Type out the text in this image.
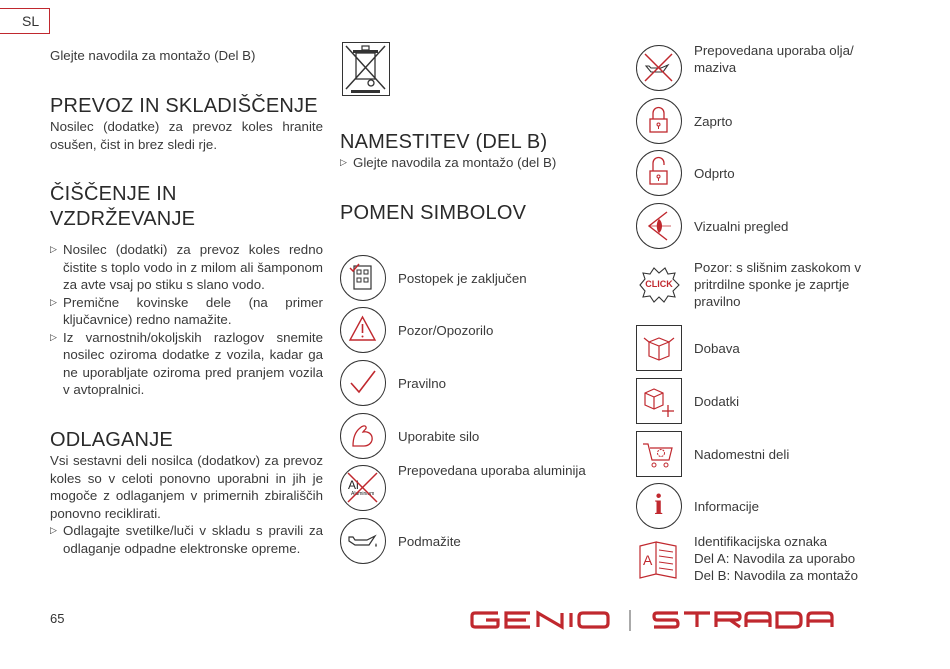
SL

Glejte navodila za montažo (Del B)

PREVOZ IN SKLADIŠČENJE

Nosilec (dodatke) za prevoz koles hranite osušen, čist in brez sledi rje.

ČIŠČENJE IN
VZDRŽEVANJE
▷ Nosilec (dodatki) za prevoz koles redno čistite s toplo vodo in z milom ali šamponom za avte vsaj po stiku s slano vodo.
▷ Premične kovinske dele (na primer ključavnice) redno namažite.
▷ Iz varnostnih/okoljskih razlogov snemite nosilec oziroma dodatke z vozila, kadar ga ne uporabljate oziroma pred pranjem vozila v avtopralnici.
ODLAGANJE

Vsi sestavni deli nosilca (dodatkov) za prevoz koles so v celoti ponovno uporabni in jih je mogoče z odlaganjem v primernih zbirališčih ponovno reciklirati.

▷ Odlagajte svetilke/luči v skladu s pravili za odlaganje odpadne elektronske opreme.
NAMESTITEV (DEL B)
▷ Glejte navodila za montažo (del B)
POMEN SIMBOLOV
Postopek je zaključen
Pozor/Opozorilo
Pravilno
Uporabite silo
Al
Aluminium
Prepovedana uporaba aluminija
Podmažite
Prepovedana uporaba olja/ maziva
Zaprto
Odprto
Vizualni pregled
CLICK
Pozor: s slišnim zaskokom v pritrdilne sponke je zaprtje pravilno
Dobava
Dodatki
Nadomestni deli
i	Informacije
A
Identifikacijska oznaka
Del A: Navodila za uporabo
Del B: Navodila za montažo
65
